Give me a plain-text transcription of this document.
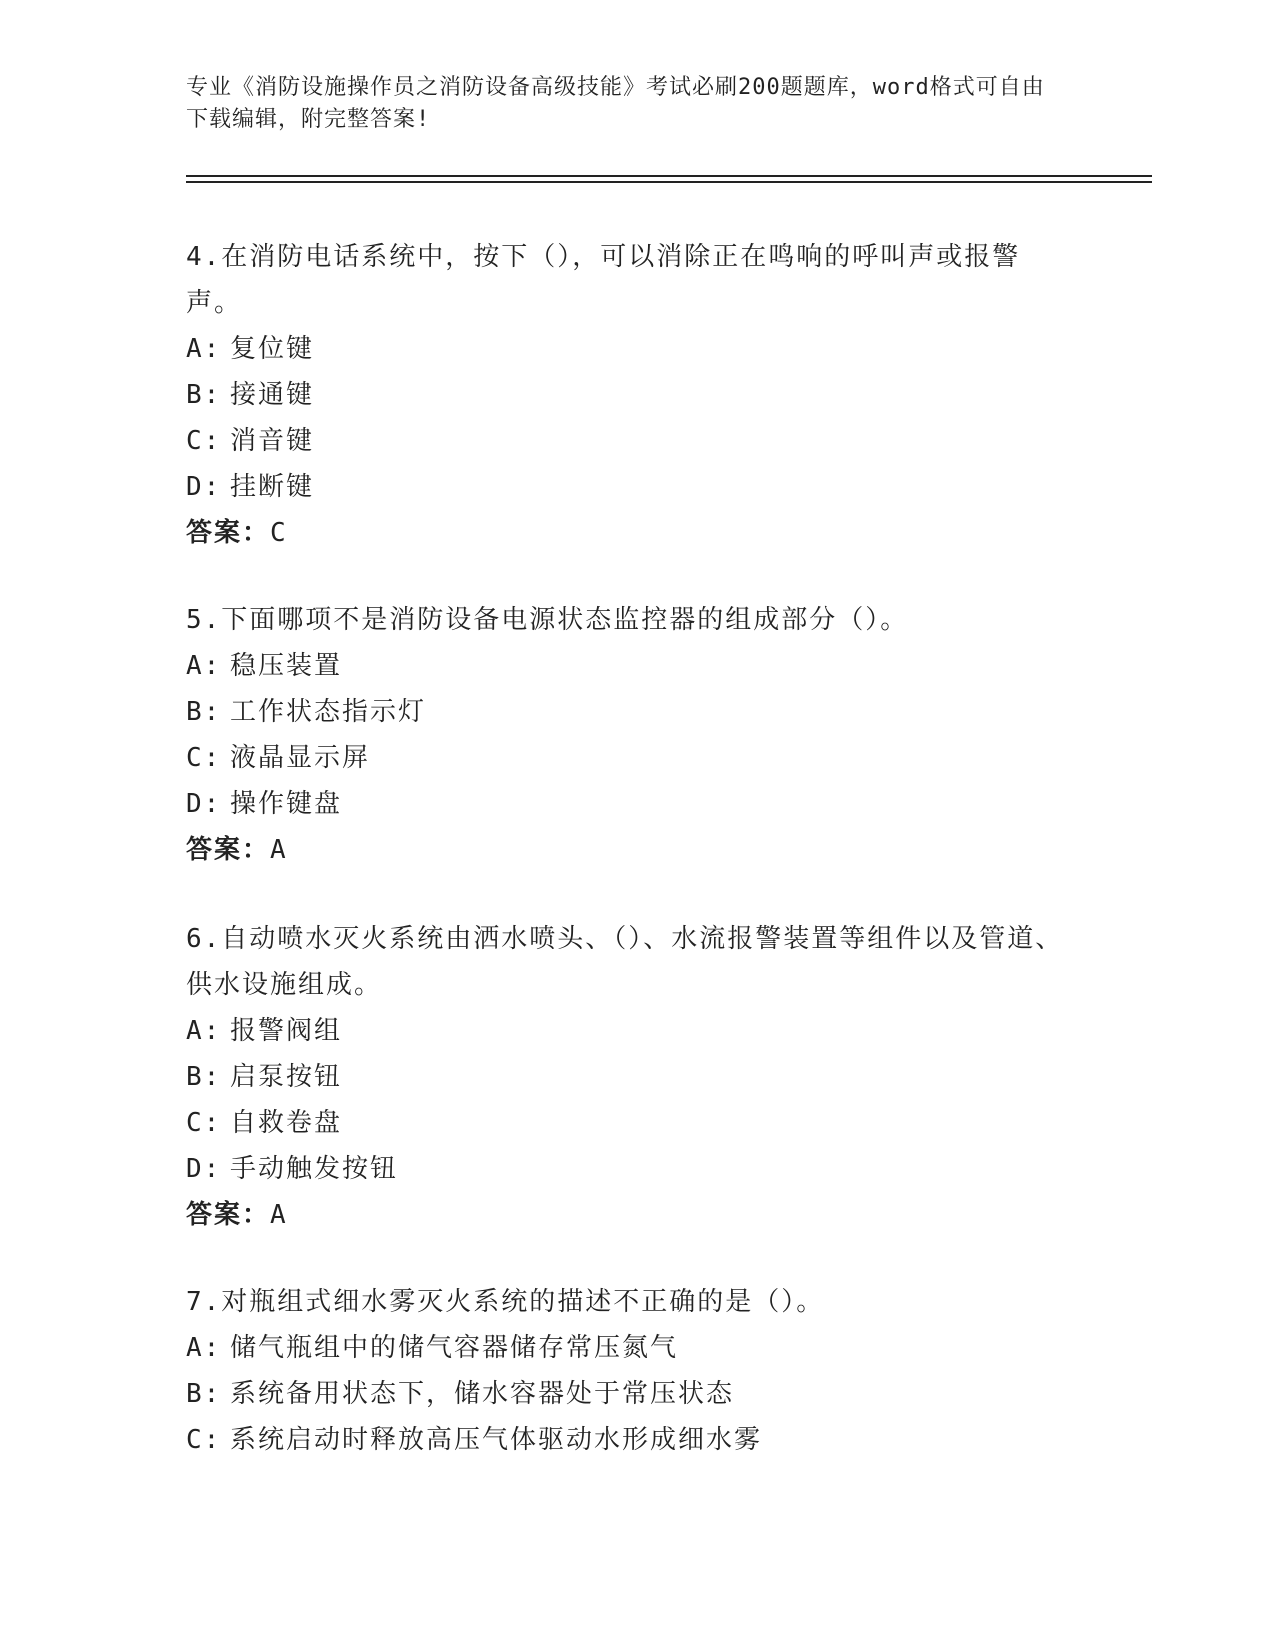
专业《消防设施操作员之消防设备高级技能》考试必刷200题题库，word格式可自由下载编辑，附完整答案!

4.在消防电话系统中，按下（），可以消除正在鸣响的呼叫声或报警声。

A: 复位键

B: 接通键

C: 消音键

D: 挂断键

答案：C

5.下面哪项不是消防设备电源状态监控器的组成部分（）。

A: 稳压装置

B: 工作状态指示灯

C: 液晶显示屏

D: 操作键盘

答案：A

6.自动喷水灭火系统由洒水喷头、（）、水流报警装置等组件以及管道、供水设施组成。

A: 报警阀组

B: 启泵按钮

C: 自救卷盘

D: 手动触发按钮

答案：A

7.对瓶组式细水雾灭火系统的描述不正确的是（）。

A: 储气瓶组中的储气容器储存常压氮气

B: 系统备用状态下，储水容器处于常压状态

C: 系统启动时释放高压气体驱动水形成细水雾
